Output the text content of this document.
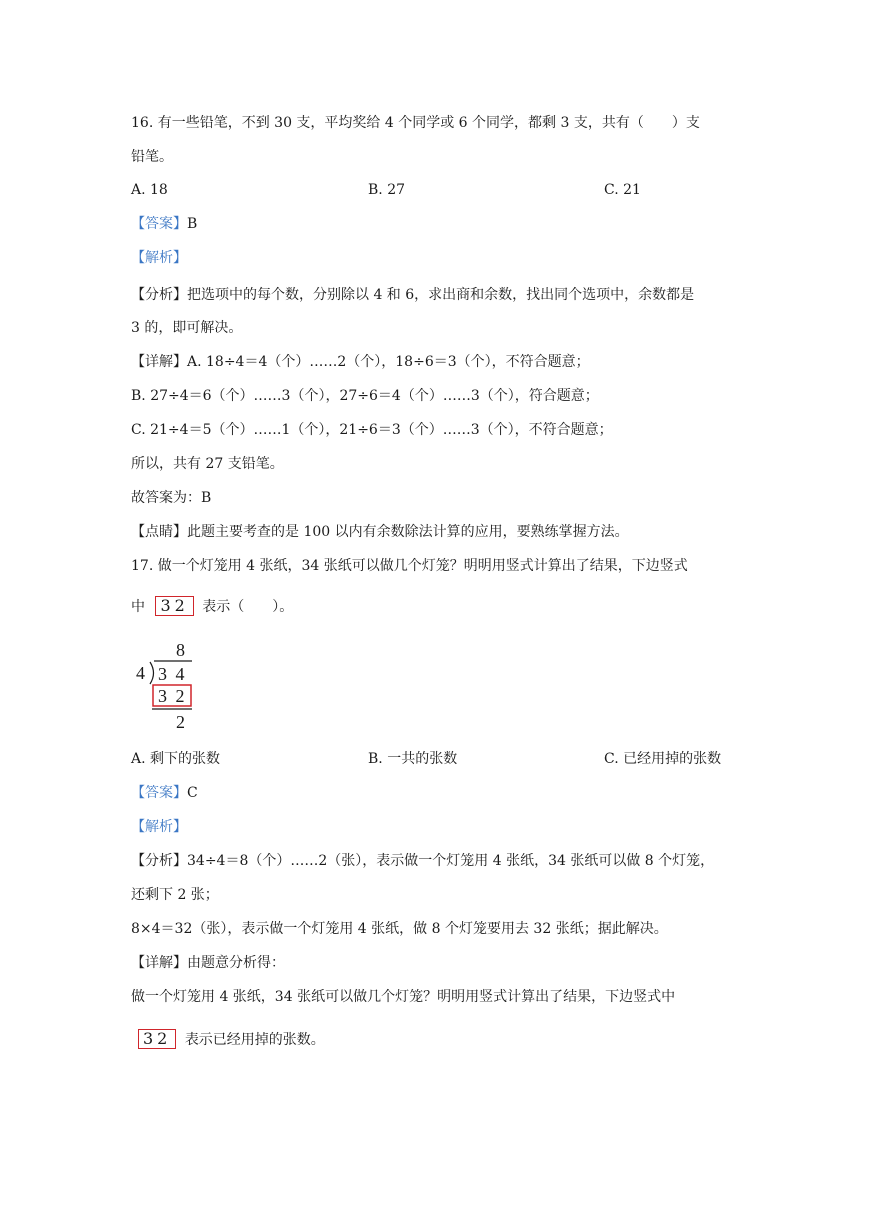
16. 有一些铅笔，不到 30 支，平均奖给 4 个同学或 6 个同学，都剩 3 支，共有（　　）支
铅笔。
A. 18	B. 27	C. 21
【答案】B
【解析】
【分析】把选项中的每个数，分别除以 4 和 6，求出商和余数，找出同个选项中，余数都是
3 的，即可解决。
【详解】A. 18÷4＝4（个）……2（个），18÷6＝3（个），不符合题意；
B. 27÷4＝6（个）……3（个），27÷6＝4（个）……3（个），符合题意；
C. 21÷4＝5（个）……1（个），21÷6＝3（个）……3（个），不符合题意；
所以，共有 27 支铅笔。
故答案为：B
【点睛】此题主要考查的是 100 以内有余数除法计算的应用，要熟练掌握方法。
17. 做一个灯笼用 4 张纸，34 张纸可以做几个灯笼？明明用竖式计算出了结果，下边竖式
中 32 表示（　　）。
8
4 3 4
3 2
2
A. 剩下的张数	B. 一共的张数	C. 已经用掉的张数
【答案】C
【解析】
【分析】34÷4＝8（个）……2（张），表示做一个灯笼用 4 张纸，34 张纸可以做 8 个灯笼，
还剩下 2 张；
8×4＝32（张），表示做一个灯笼用 4 张纸，做 8 个灯笼要用去 32 张纸；据此解决。
【详解】由题意分析得：
做一个灯笼用 4 张纸，34 张纸可以做几个灯笼？明明用竖式计算出了结果，下边竖式中
32 表示已经用掉的张数。
